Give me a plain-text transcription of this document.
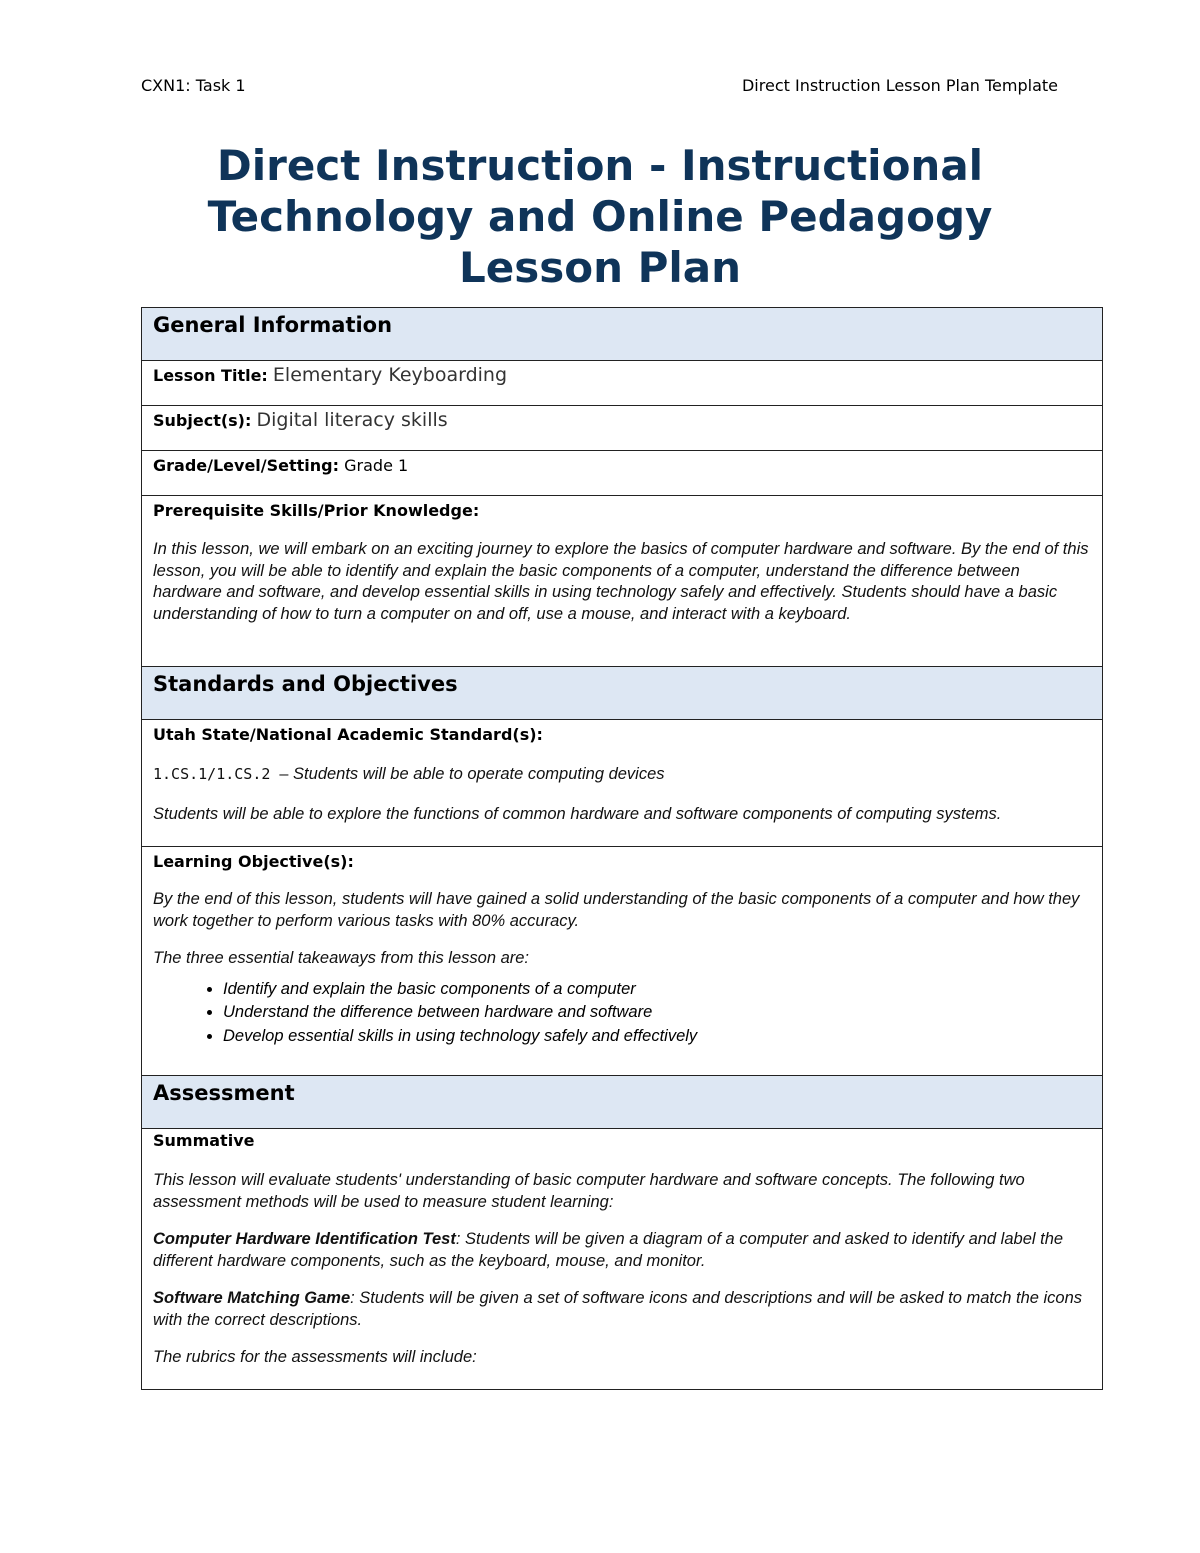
CXN1: Task 1	Direct Instruction Lesson Plan Template
Direct Instruction - Instructional
Technology and Online Pedagogy
Lesson Plan
General Information

Lesson Title: Elementary Keyboarding

Subject(s): Digital literacy skills

Grade/Level/Setting: Grade 1

Prerequisite Skills/Prior Knowledge:

In this lesson, we will embark on an exciting journey to explore the basics of computer hardware and software. By the end of this lesson, you will be able to identify and explain the basic components of a computer, understand the difference between hardware and software, and develop essential skills in using technology safely and effectively. Students should have a basic understanding of how to turn a computer on and off, use a mouse, and interact with a keyboard.

Standards and Objectives

Utah State/National Academic Standard(s):

1.CS.1/1.CS.2 – Students will be able to operate computing devices

Students will be able to explore the functions of common hardware and software components of computing systems.

Learning Objective(s):

By the end of this lesson, students will have gained a solid understanding of the basic components of a computer and how they work together to perform various tasks with 80% accuracy.

The three essential takeaways from this lesson are:

• Identify and explain the basic components of a computer
• Understand the difference between hardware and software
• Develop essential skills in using technology safely and effectively

Assessment

Summative

This lesson will evaluate students' understanding of basic computer hardware and software concepts. The following two assessment methods will be used to measure student learning:

Computer Hardware Identification Test: Students will be given a diagram of a computer and asked to identify and label the different hardware components, such as the keyboard, mouse, and monitor.

Software Matching Game: Students will be given a set of software icons and descriptions and will be asked to match the icons with the correct descriptions.

The rubrics for the assessments will include:
